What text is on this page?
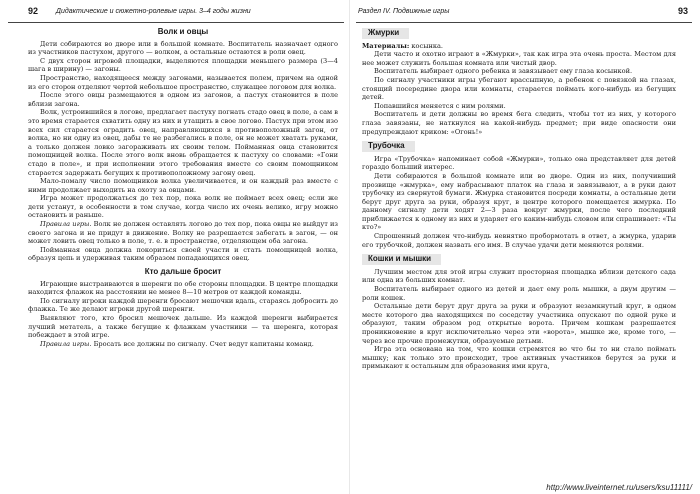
92	Дидактические и сюжетно-ролевые игры. 3–4 годы жизни
Волк и овцы

Дети собираются во дворе или в большой комнате. Воспитатель назначает одного из участников пастухом, другого — волком, а остальные остаются в роли овец.

С двух сторон игровой площадки, выделяются площадки меньшего размера (3—4 шага в ширину) — загоны.

Пространство, находящееся между загонами, называется полем, причем на одной из его сторон отделяют чертой небольшое пространство, служащее логовом для волка.

После этого овцы размещаются в одном из загонов, а пастух становится в поле вблизи загона.

Волк, устроившийся в логове, предлагает пастуху погнать стадо овец в поле, а сам в это время старается схватить одну из них и утащить в свое логово. Пастух при этом изо всех сил старается оградить овец, направляющихся в противоположный загон, от волка, но ни одну из овец, дабы те не разбегались в поле, он не может хватать руками, а только должен ловко загораживать их своим телом. Пойманная овца становится помощницей волка. После этого волк вновь обращается к пастуху со словами: «Гони стадо в поле», и при исполнении этого требования вместе со своим помощником старается задержать бегущих к противоположному загону овец.

Мало-помалу число помощников волка увеличивается, и он каждый раз вместе с ними продолжает выходить на охоту за овцами.

Игра может продолжаться до тех пор, пока волк не поймает всех овец; если же дети устанут, в особенности в том случае, когда число их очень велико, игру можно остановить и раньше.

Правила игры. Волк не должен оставлять логово до тех пор, пока овцы не выйдут из своего загона и не придут в движение. Волку не разрешается забегать в загон, — он может ловить овец только в поле, т. е. в пространстве, отделяющем оба загона.

Пойманная овца должна покориться своей участи и стать помощницей волка, образуя цепь и удерживая таким образом попадающихся овец.

Кто дальше бросит

Играющие выстраиваются в шеренги по обе стороны площадки. В центре площадки находится флажок на расстоянии не менее 8—10 метров от каждой команды.

По сигналу игроки каждой шеренги бросают мешочки вдаль, стараясь добросить до флажка. Те же делают игроки другой шеренги.

Выявляют того, кто бросил мешочек дальше. Из каждой шеренги выбирается лучший метатель, а также бегущие к флажкам участники — та шеренга, которая побеждает в этой игре.

Правила игры. Бросать все должны по сигналу. Счет ведут капитаны команд.

Раздел IV. Подвижные игры	93
Жмурки

Материалы: косынка.

Дети часто и охотно играют в «Жмурки», так как игра эта очень проста. Местом для нее может служить большая комната или чистый двор.

Воспитатель выбирает одного ребенка и завязывает ему глаза косынкой.

По сигналу участники игры убегают врассыпную, а ребенок с повязкой на глазах, стоящий посередине двора или комнаты, старается поймать кого-нибудь из бегущих детей.

Попавшийся меняется с ним ролями.

Воспитатель и дети должны во время бега следить, чтобы тот из них, у которого глаза завязаны, не наткнулся на какой-нибудь предмет; при виде опасности они предупреждают криком: «Огонь!»

Трубочка

Игра «Трубочка» напоминает собой «Жмурки», только она представляет для детей гораздо больший интерес.

Дети собираются в большой комнате или во дворе. Один из них, получивший прозвище «жмурка», ему набрасывают платок на глаза и завязывают, а в руки дают трубочку из свернутой бумаги. Жмурка становится посреди комнаты, а остальные дети берут друг друга за руки, образуя круг, в центре которого помещается жмурка. По данному сигналу дети ходят 2—3 раза вокруг жмурки, после чего последний приближается к одному из них и ударяет его каким-нибудь словом или спрашивает: «Ты кто?»

Спрошенный должен что-нибудь невнятно пробормотать в ответ, а жмурка, ударив его трубочкой, должен назвать его имя. В случае удачи дети меняются ролями.

Кошки и мышки

Лучшим местом для этой игры служит просторная площадка вблизи детского сада или одна из больших комнат.

Воспитатель выбирает одного из детей и дает ему роль мышки, а двум другим — роли кошек.

Остальные дети берут друг друга за руки и образуют незамкнутый круг, в одном месте которого два находящихся по соседству участника опускают по одной руке и образуют, таким образом род открытые ворота. Причем кошкам разрешается проникновение в круг исключительно через эти «ворота», мышке же, кроме того, — через все прочие промежутки, образуемые детьми.

Игра эта основана на том, что кошки стремятся во что бы то ни стало поймать мышку; как только это происходит, трое активных участников берутся за руки и примыкают к остальным для образования ими круга,

http://www.liveinternet.ru/users/ksu11111/
